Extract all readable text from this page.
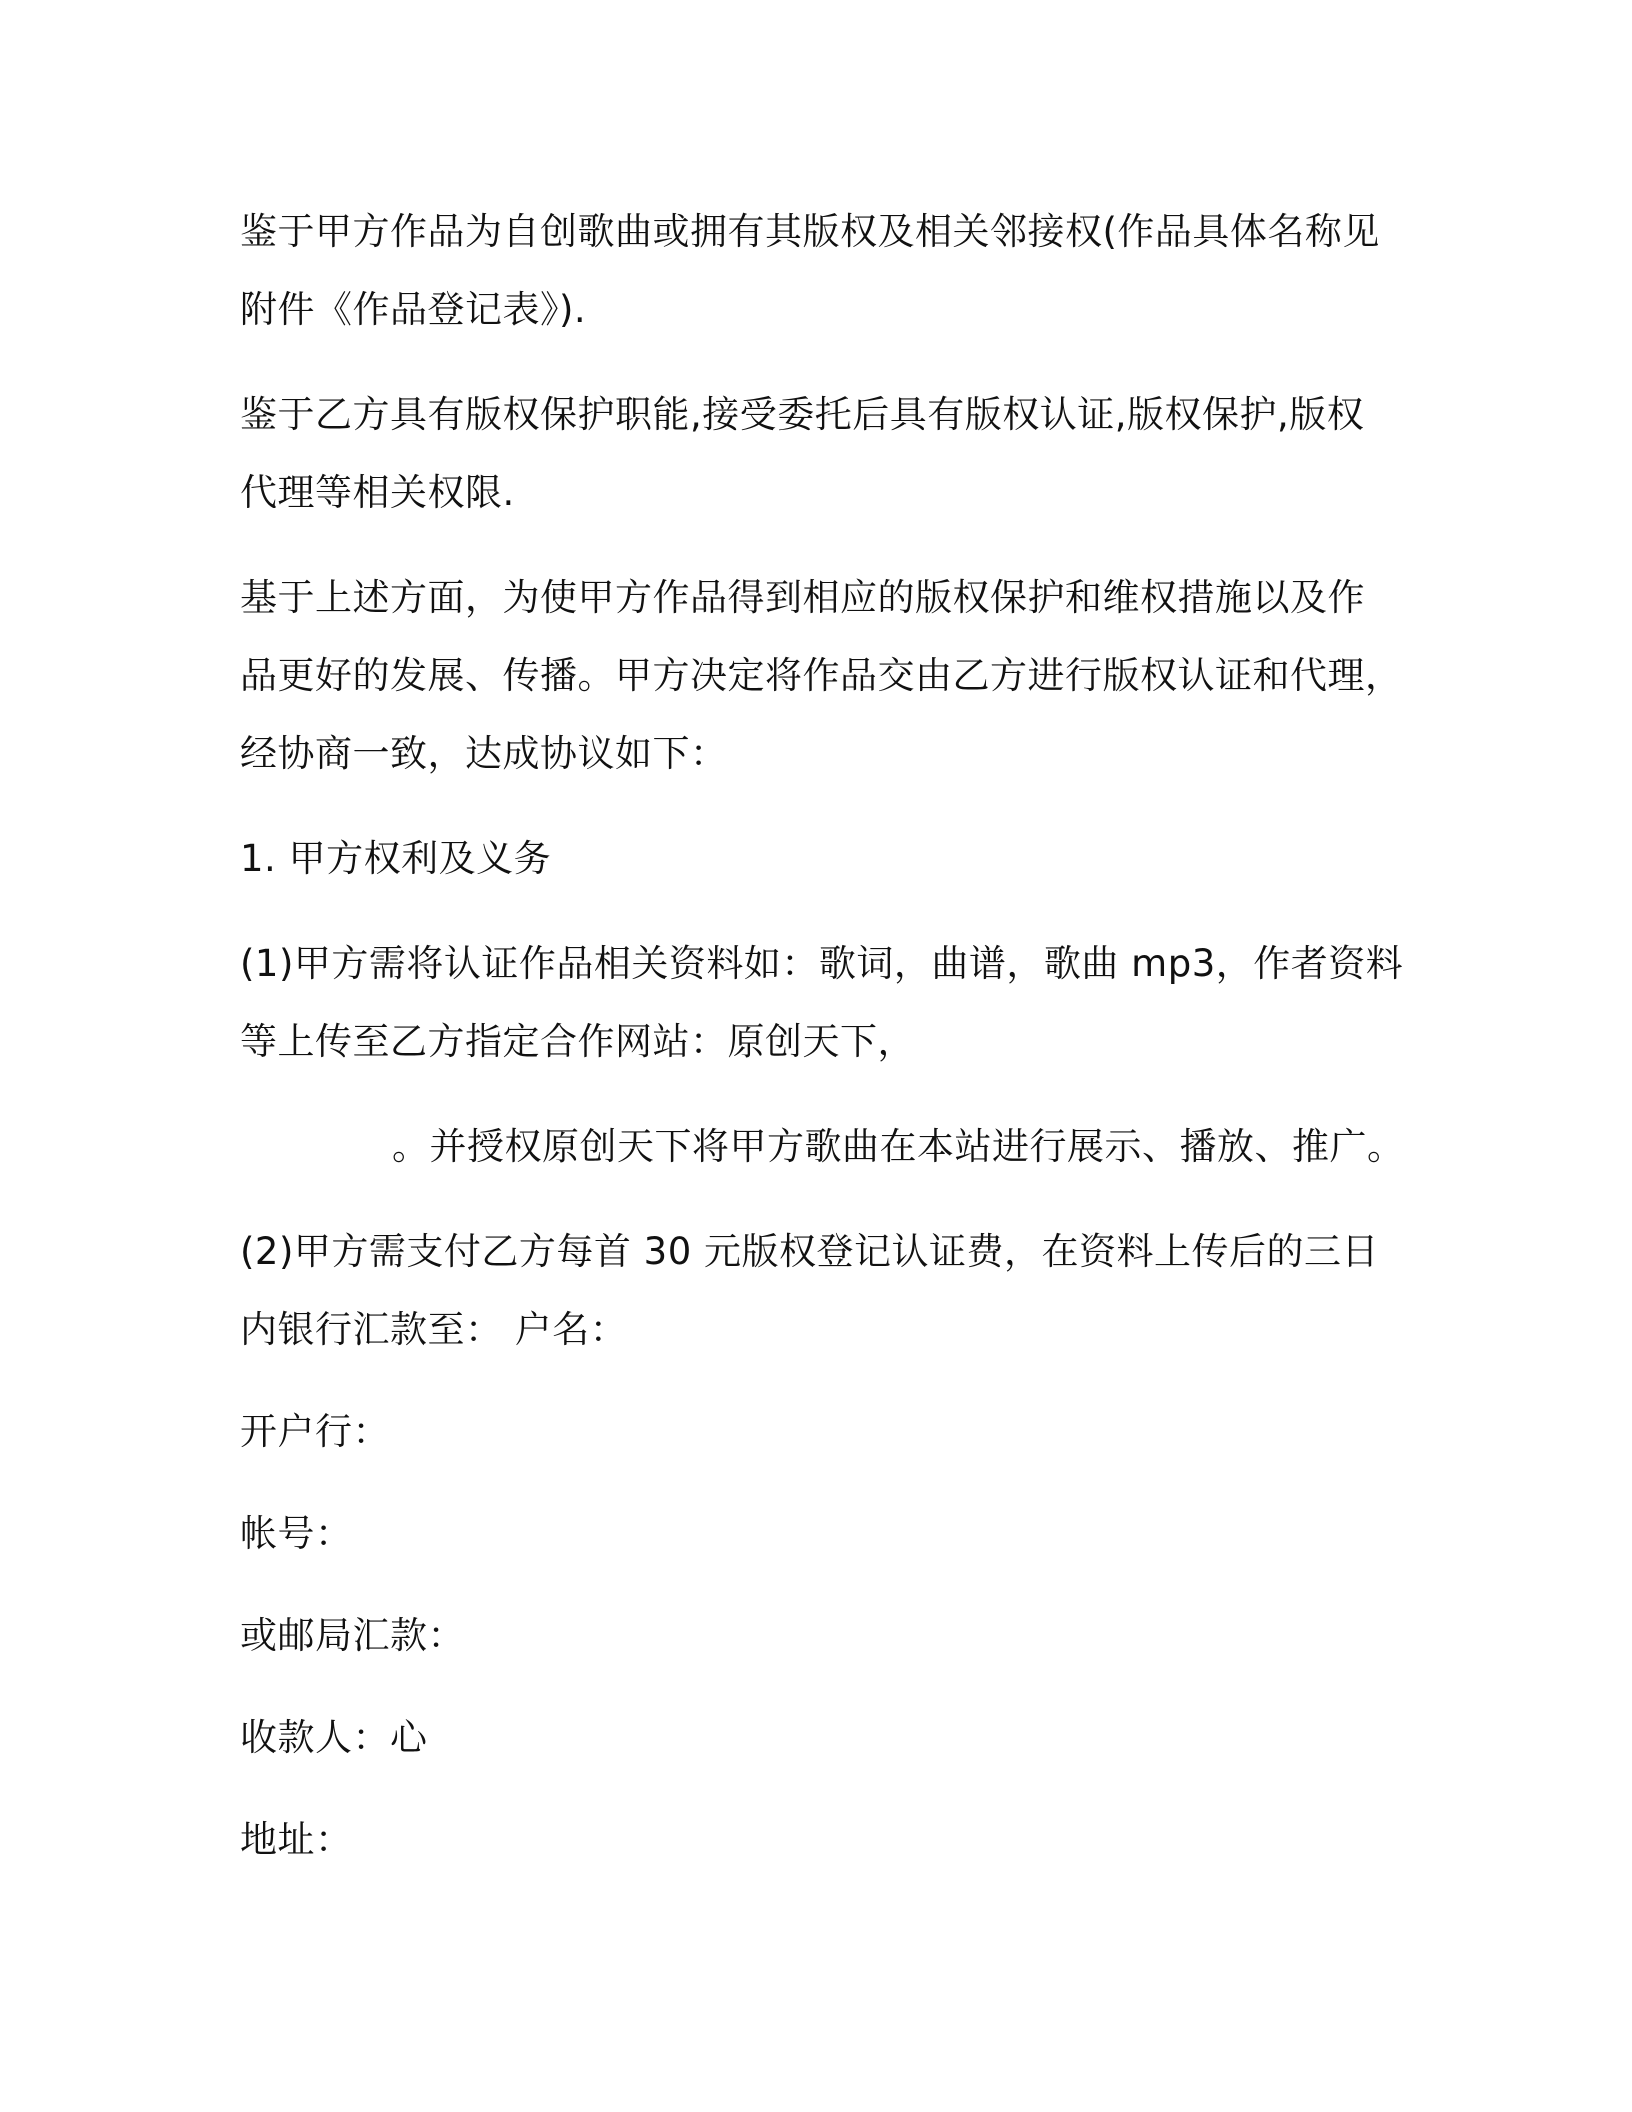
鉴于甲方作品为自创歌曲或拥有其版权及相关邻接权(作品具体名称见
附件《作品登记表》).

鉴于乙方具有版权保护职能,接受委托后具有版权认证,版权保护,版权
代理等相关权限.

基于上述方面，为使甲方作品得到相应的版权保护和维权措施以及作
品更好的发展、传播。甲方决定将作品交由乙方进行版权认证和代理，
经协商一致，达成协议如下：

1. 甲方权利及义务

(1)甲方需将认证作品相关资料如：歌词，曲谱，歌曲 mp3，作者资料
等上传至乙方指定合作网站：原创天下，

。并授权原创天下将甲方歌曲在本站进行展示、播放、推广。

(2)甲方需支付乙方每首 30 元版权登记认证费，在资料上传后的三日
内银行汇款至： 户名：

开户行：

帐号：

或邮局汇款：

收款人：心

地址：
